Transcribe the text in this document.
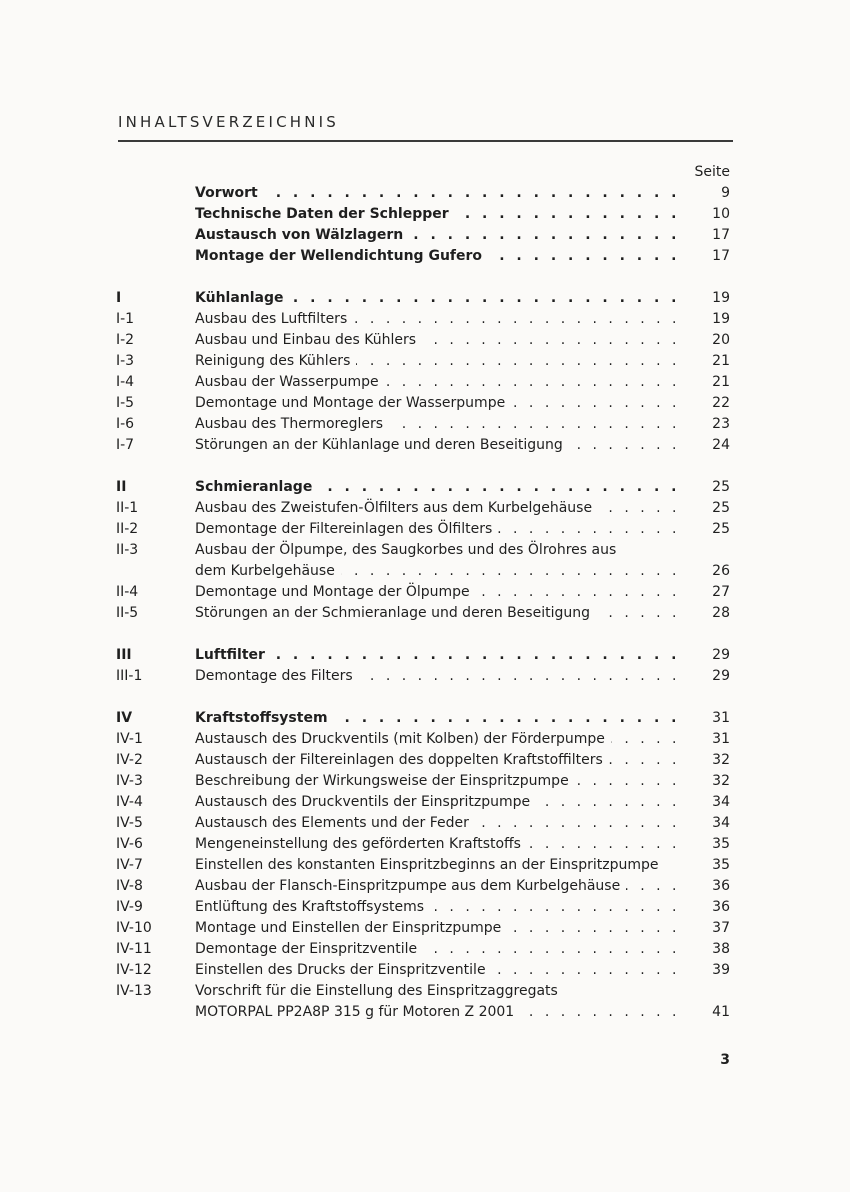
INHALTSVERZEICHNIS
Seite
Vorwort . . .	9
Technische Daten der Schlepper . . .	10
Austausch von Wälzlagern . . .	17
Montage der Wellendichtung Gufero . . .	17
I	Kühlanlage . . .	19
I-1	Ausbau des Luftfilters . . .	19
I-2	Ausbau und Einbau des Kühlers . . .	20
I-3	Reinigung des Kühlers . . .	21
I-4	Ausbau der Wasserpumpe . . .	21
I-5	Demontage und Montage der Wasserpumpe . . .	22
I-6	Ausbau des Thermoreglers . . .	23
I-7	Störungen an der Kühlanlage und deren Beseitigung . . .	24
II	Schmieranlage . . .	25
II-1	Ausbau des Zweistufen-Ölfilters aus dem Kurbelgehäuse . . .	25
II-2	Demontage der Filtereinlagen des Ölfilters . . .	25
II-3	Ausbau der Ölpumpe, des Saugkorbes und des Ölrohres aus
dem Kurbelgehäuse . . .	26
II-4	Demontage und Montage der Ölpumpe . . .	27
II-5	Störungen an der Schmieranlage und deren Beseitigung . . .	28
III	Luftfilter . . .	29
III-1	Demontage des Filters . . .	29
IV	Kraftstoffsystem . . .	31
IV-1	Austausch des Druckventils (mit Kolben) der Förderpumpe . . .	31
IV-2	Austausch der Filtereinlagen des doppelten Kraftstoffilters . . .	32
IV-3	Beschreibung der Wirkungsweise der Einspritzpumpe . . .	32
IV-4	Austausch des Druckventils der Einspritzpumpe . . .	34
IV-5	Austausch des Elements und der Feder . . .	34
IV-6	Mengeneinstellung des geförderten Kraftstoffs . . .	35
IV-7	Einstellen des konstanten Einspritzbeginns an der Einspritzpumpe	35
IV-8	Ausbau der Flansch-Einspritzpumpe aus dem Kurbelgehäuse . . .	36
IV-9	Entlüftung des Kraftstoffsystems . . .	36
IV-10	Montage und Einstellen der Einspritzpumpe . . .	37
IV-11	Demontage der Einspritzventile . . .	38
IV-12	Einstellen des Drucks der Einspritzventile . . .	39
IV-13	Vorschrift für die Einstellung des Einspritzaggregats
MOTORPAL PP2A8P 315 g für Motoren Z 2001 . . .	41
3
